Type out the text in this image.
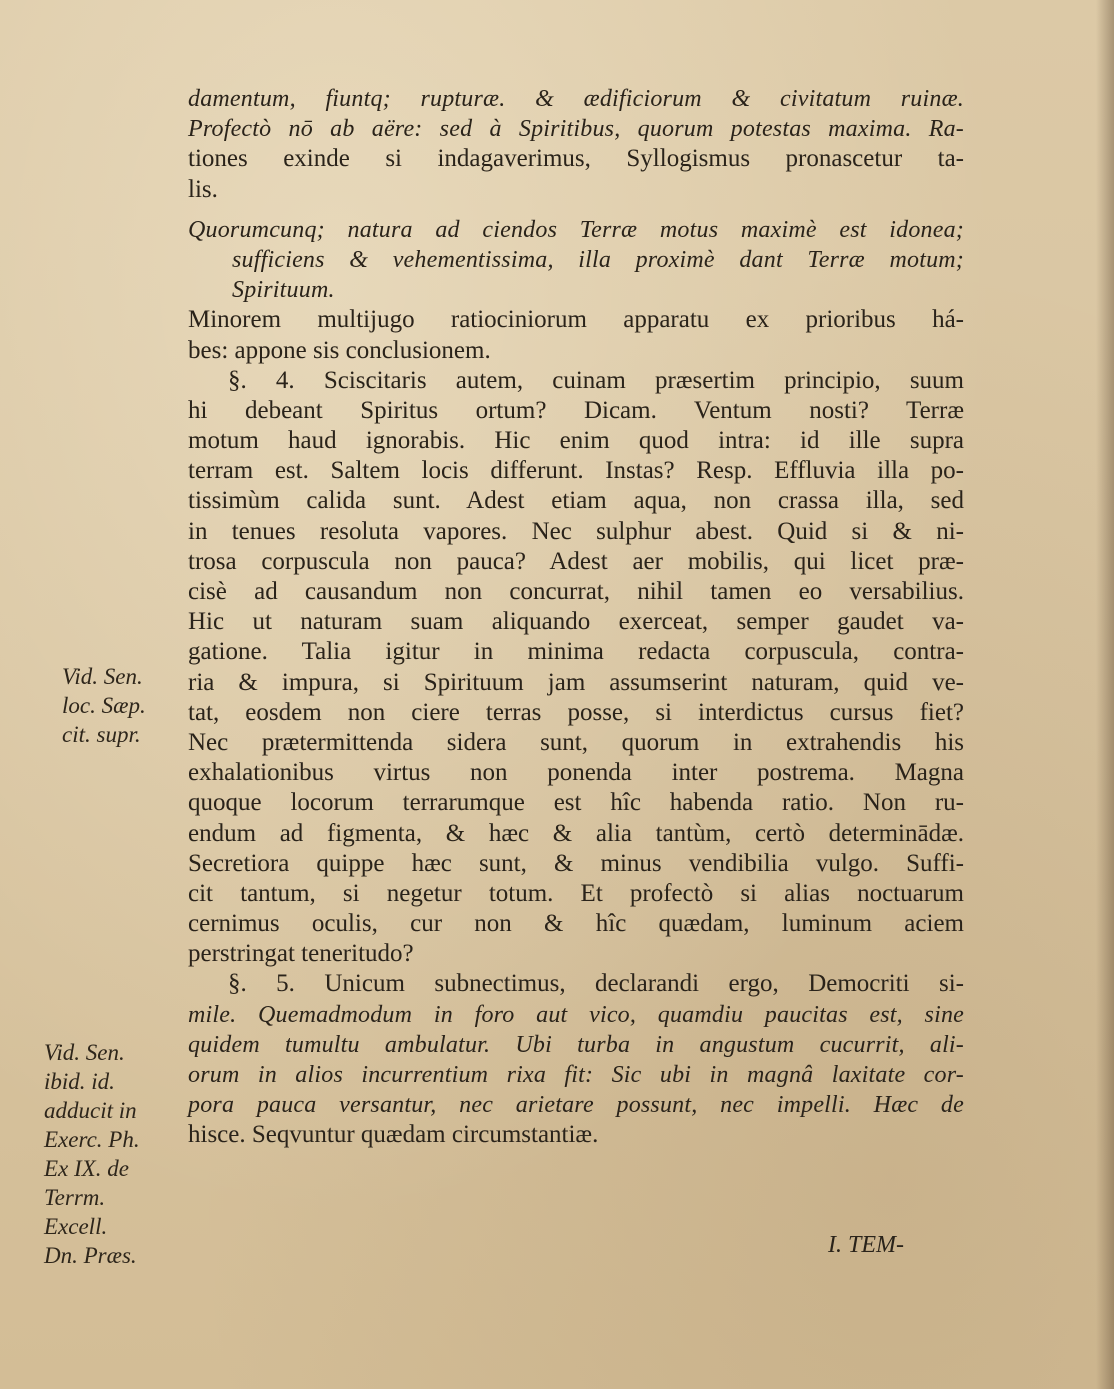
damentum, fiuntq; rupturæ. & ædificiorum & civitatum ruinæ.
Profectò nō ab aëre: sed à Spiritibus, quorum potestas maxima. Ra-
tiones exinde si indagaverimus, Syllogismus pronascetur ta-
lis.
Quorumcunq; natura ad ciendos Terræ motus maximè est idonea;
sufficiens & vehementissima, illa proximè dant Terræ motum;
Spirituum.
Minorem multijugo ratiociniorum apparatu ex prioribus há-
bes: appone sis conclusionem.
§. 4. Sciscitaris autem, cuinam præsertim principio, suum
hi debeant Spiritus ortum? Dicam. Ventum nosti? Terræ
motum haud ignorabis. Hic enim quod intra: id ille supra
terram est. Saltem locis differunt. Instas? Resp. Effluvia illa po-
tissimùm calida sunt. Adest etiam aqua, non crassa illa, sed
in tenues resoluta vapores. Nec sulphur abest. Quid si & ni-
trosa corpuscula non pauca? Adest aer mobilis, qui licet præ-
cisè ad causandum non concurrat, nihil tamen eo versabilius.
Hic ut naturam suam aliquando exerceat, semper gaudet va-
gatione. Talia igitur in minima redacta corpuscula, contra-
ria & impura, si Spirituum jam assumserint naturam, quid ve-
tat, eosdem non ciere terras posse, si interdictus cursus fiet?
Nec prætermittenda sidera sunt, quorum in extrahendis his
exhalationibus virtus non ponenda inter postrema. Magna
quoque locorum terrarumque est hîc habenda ratio. Non ru-
endum ad figmenta, & hæc & alia tantùm, certò determinādæ.
Secretiora quippe hæc sunt, & minus vendibilia vulgo. Suffi-
cit tantum, si negetur totum. Et profectò si alias noctuarum
cernimus oculis, cur non & hîc quædam, luminum aciem
perstringat teneritudo?
§. 5. Unicum subnectimus, declarandi ergo, Democriti si-
mile. Quemadmodum in foro aut vico, quamdiu paucitas est, sine
quidem tumultu ambulatur. Ubi turba in angustum cucurrit, ali-
orum in alios incurrentium rixa fit: Sic ubi in magnâ laxitate cor-
pora pauca versantur, nec arietare possunt, nec impelli. Hæc de
hisce. Seqvuntur quædam circumstantiæ.
Vid. Sen.
loc. Sæp.
cit. supr.
Vid. Sen.
ibid. id.
adducit in
Exerc. Ph.
Ex IX. de
Terrm.
Excell.
Dn. Præs.	I. TEM-
